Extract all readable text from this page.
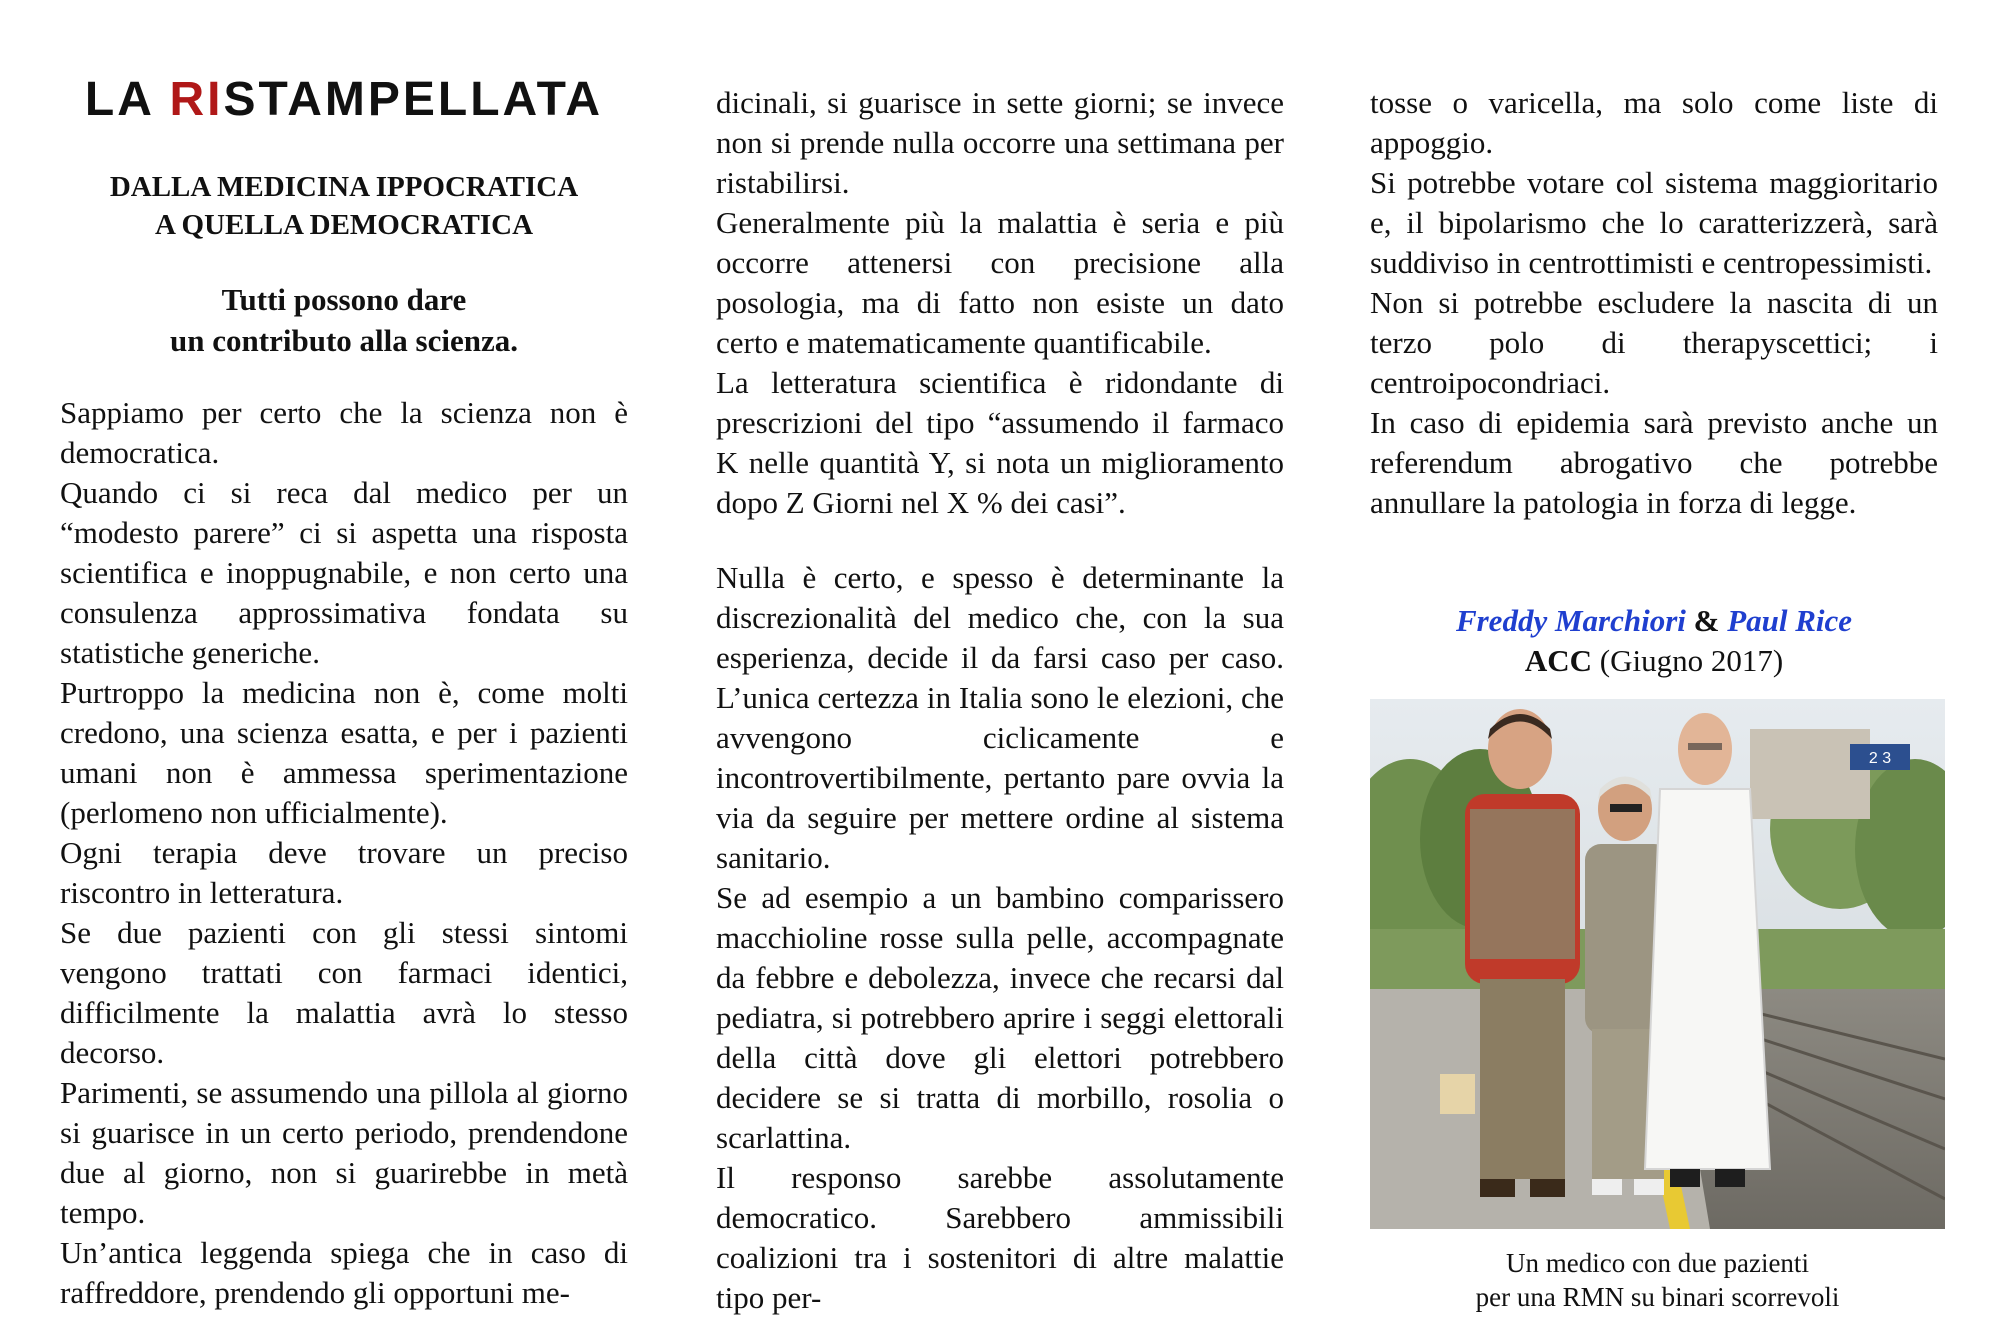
LA RISTAMPELLATA
DALLA MEDICINA IPPOCRATICA
A QUELLA DEMOCRATICA
Tutti possono dare
un contributo alla scienza.

Sappiamo per certo che la scienza non è democratica.

Quando ci si reca dal medico per un “modesto parere” ci si aspetta una risposta scientifica e inoppugnabile, e non certo una consulenza approssimativa fondata su statistiche generiche.

Purtroppo la medicina non è, come molti credono, una scienza esatta, e per i pazienti umani non è ammessa sperimentazione (perlomeno non ufficialmente).

Ogni terapia deve trovare un preciso riscontro in letteratura.

Se due pazienti con gli stessi sintomi vengono trattati con farmaci identici, difficilmente la malattia avrà lo stesso decorso.

Parimenti, se assumendo una pillola al giorno si guarisce in un certo periodo, prendendone due al giorno, non si guarirebbe in metà tempo.

Un’antica leggenda spiega che in caso di raffreddore, prendendo gli opportuni me-

dicinali, si guarisce in sette giorni; se invece non si prende nulla occorre una settimana per ristabilirsi.

Generalmente più la malattia è seria e più occorre attenersi con precisione alla posologia, ma di fatto non esiste un dato certo e matematicamente quantificabile.

La letteratura scientifica è ridondante di prescrizioni del tipo “assumendo il farmaco K nelle quantità Y, si nota un miglioramento dopo Z Giorni nel X % dei casi”.

Nulla è certo, e spesso è determinante la discrezionalità del medico che, con la sua esperienza, decide il da farsi caso per caso. L’unica certezza in Italia sono le elezioni, che avvengono ciclicamente e incontrovertibilmente, pertanto pare ovvia la via da seguire per mettere ordine al sistema sanitario.

Se ad esempio a un bambino comparissero macchioline rosse sulla pelle, accompagnate da febbre e debolezza, invece che recarsi dal pediatra, si potrebbero aprire i seggi elettorali della città dove gli elettori potrebbero decidere se si tratta di morbillo, rosolia o scarlattina.

Il responso sarebbe assolutamente democratico. Sarebbero ammissibili coalizioni tra i sostenitori di altre malattie tipo per-

tosse o varicella, ma solo come liste di appoggio.

Si potrebbe votare col sistema maggioritario e, il bipolarismo che lo caratterizzerà, sarà suddiviso in centrottimisti e centropessimisti.

Non si potrebbe escludere la nascita di un terzo polo di therapyscettici; i centroipocondriaci.

In caso di epidemia sarà previsto anche un referendum abrogativo che potrebbe annullare la patologia in forza di legge.

Freddy Marchiori & Paul Rice
ACC (Giugno 2017)
2 3
Un medico con due pazienti
per una RMN su binari scorrevoli
